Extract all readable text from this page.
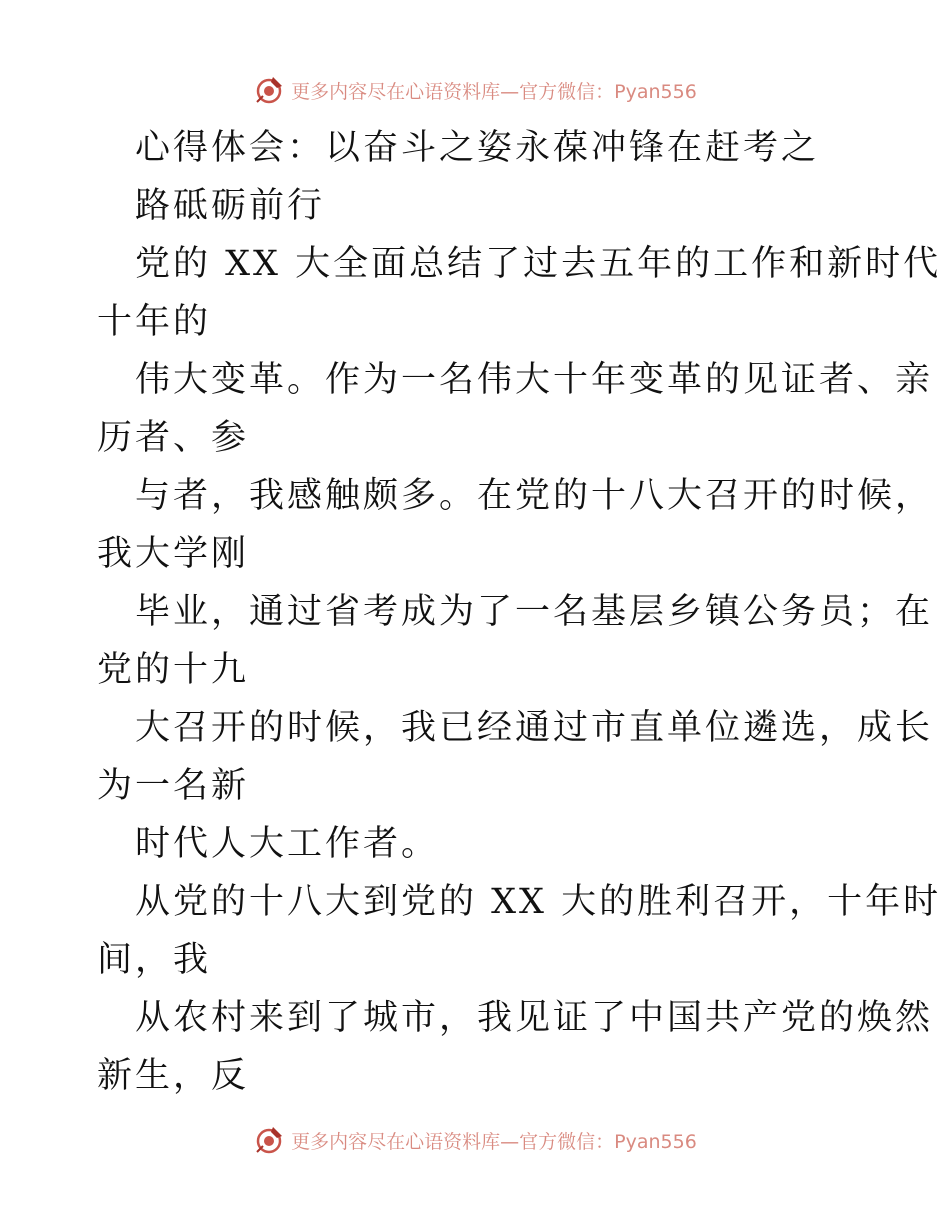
更多内容尽在心语资料库—官方微信：Pyan556
心得体会：以奋斗之姿永葆冲锋在赶考之
路砥砺前行
党的 XX 大全面总结了过去五年的工作和新时代
十年的
伟大变革。作为一名伟大十年变革的见证者、亲
历者、参
与者，我感触颇多。在党的十八大召开的时候，
我大学刚
毕业，通过省考成为了一名基层乡镇公务员；在
党的十九
大召开的时候，我已经通过市直单位遴选，成长
为一名新
时代人大工作者。
从党的十八大到党的 XX 大的胜利召开，十年时
间，我
从农村来到了城市，我见证了中国共产党的焕然
新生，反
更多内容尽在心语资料库—官方微信：Pyan556
